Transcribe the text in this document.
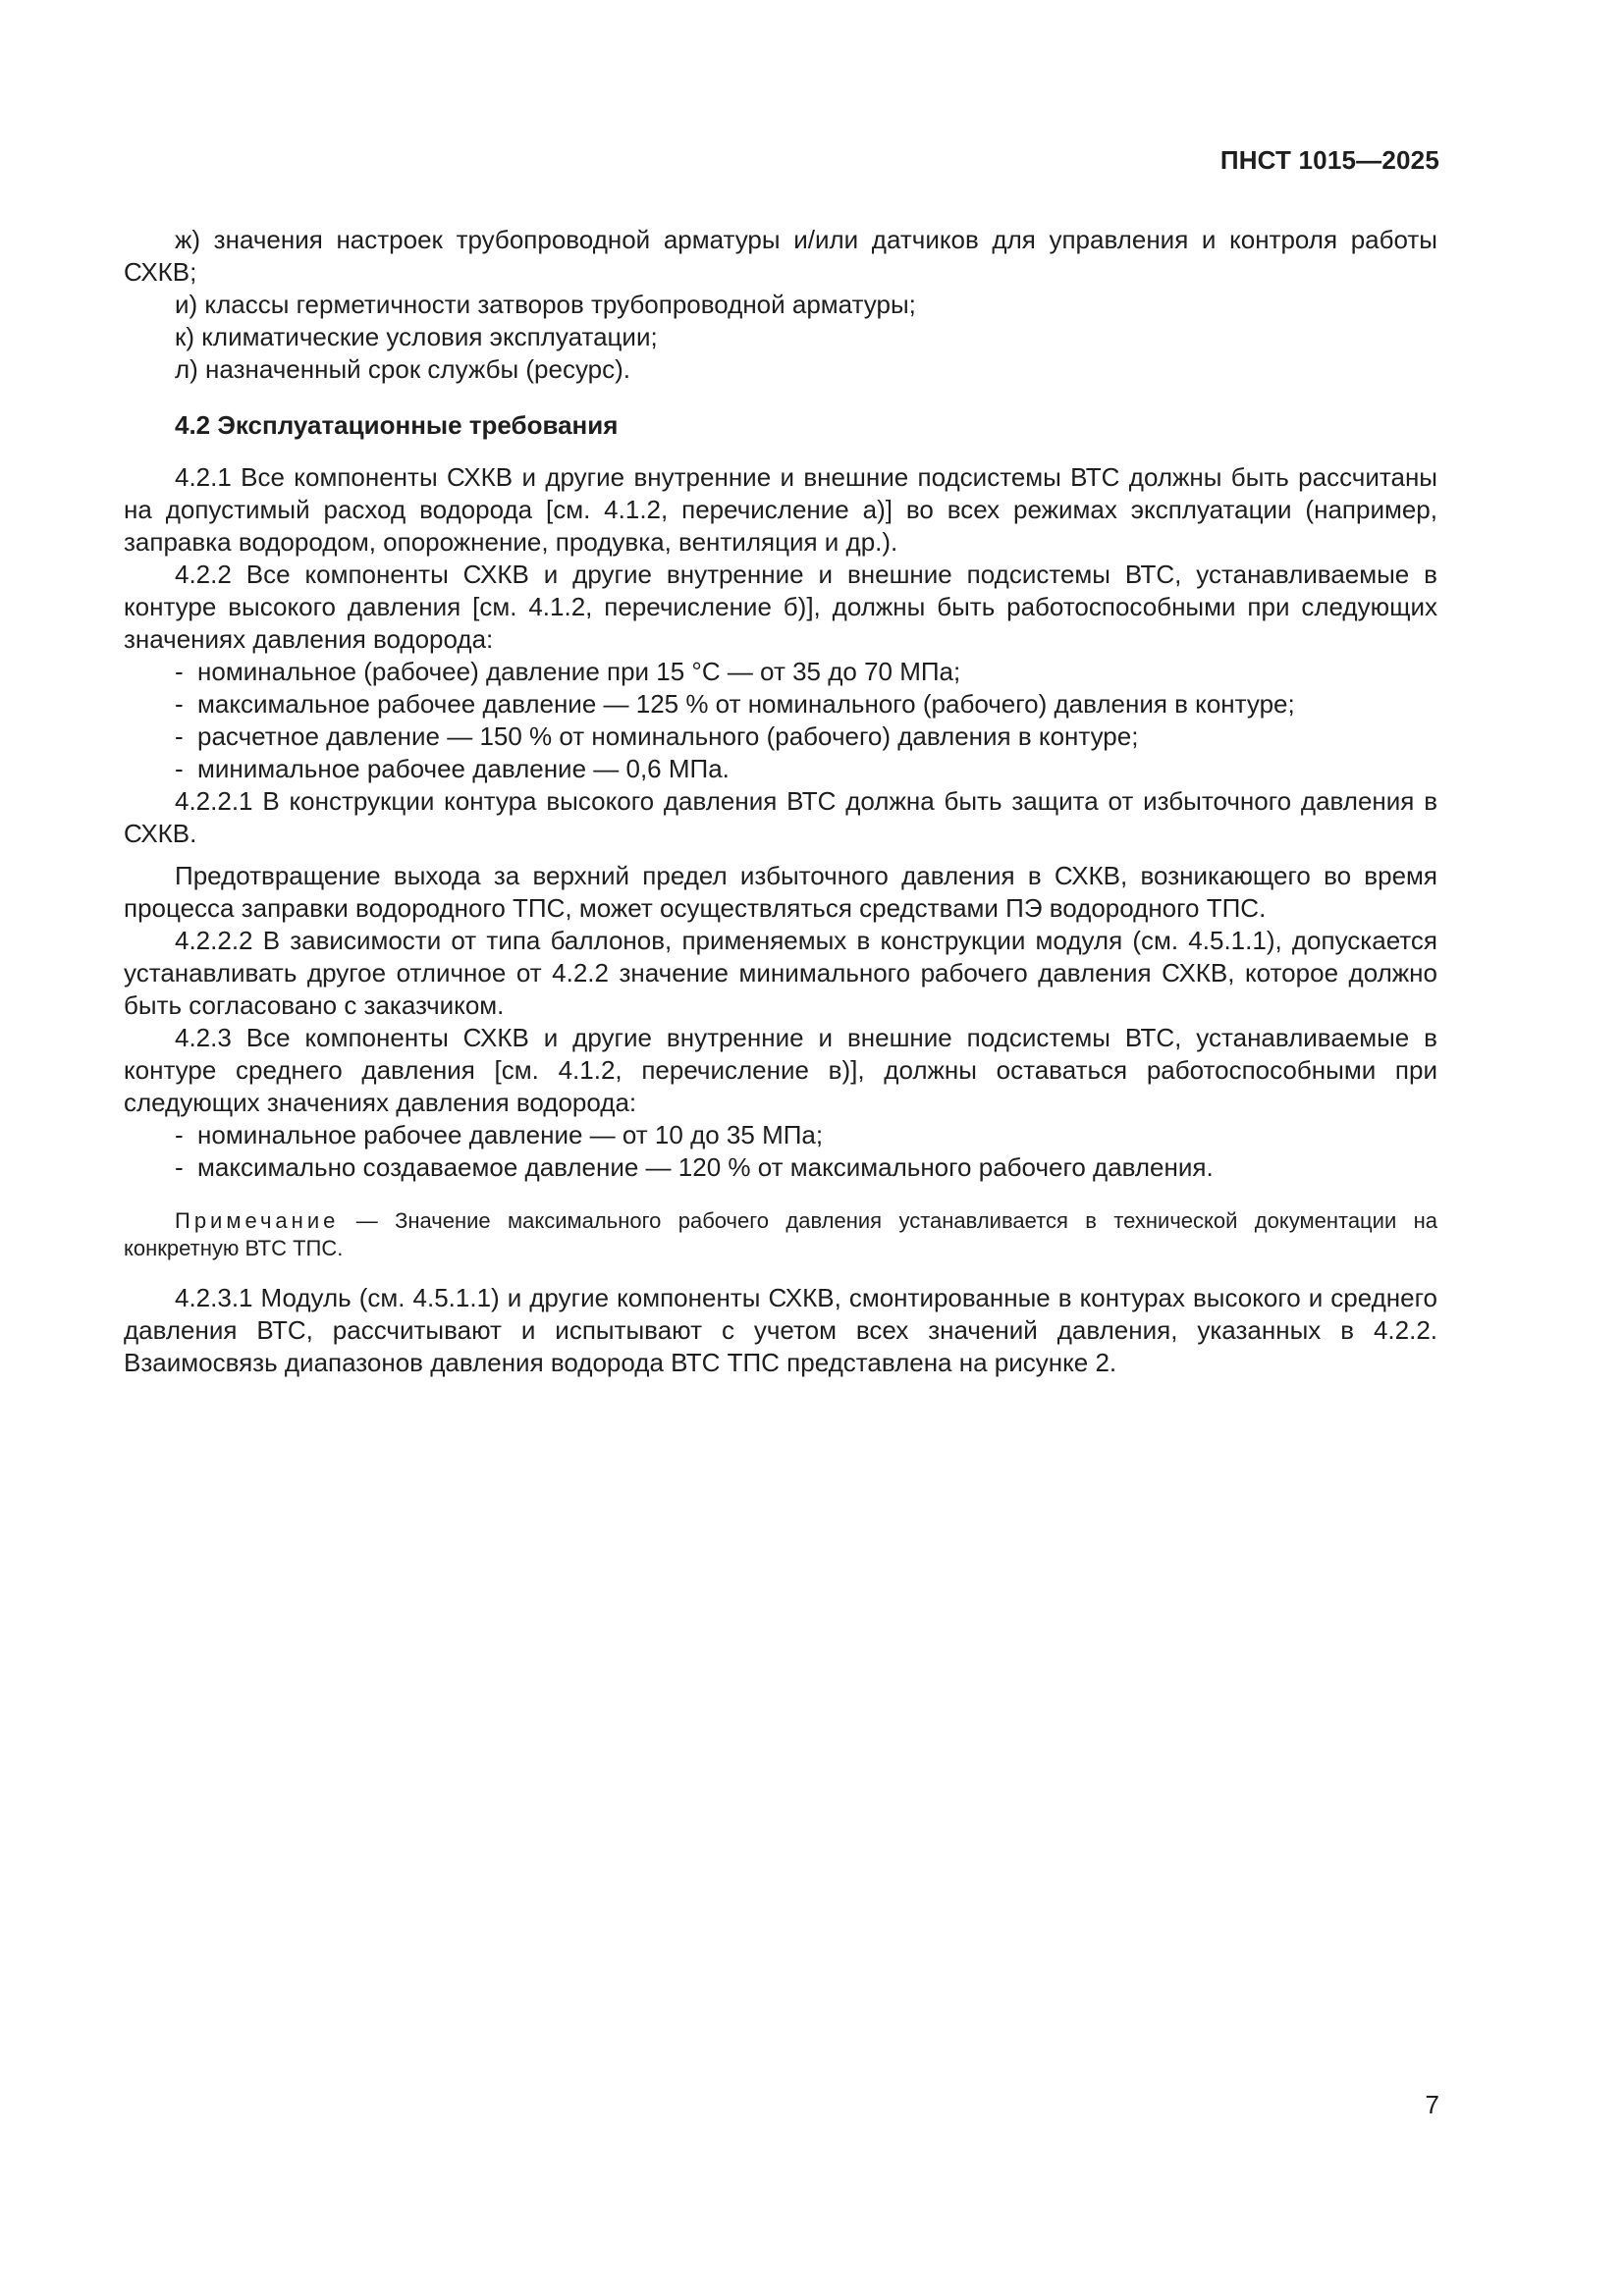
ПНСТ 1015—2025

ж) значения настроек трубопроводной арматуры и/или датчиков для управления и контроля работы СХКВ;

и) классы герметичности затворов трубопроводной арматуры;

к) климатические условия эксплуатации;

л) назначенный срок службы (ресурс).

4.2 Эксплуатационные требования

4.2.1 Все компоненты СХКВ и другие внутренние и внешние подсистемы ВТС должны быть рассчитаны на допустимый расход водорода [см. 4.1.2, перечисление а)] во всех режимах эксплуатации (например, заправка водородом, опорожнение, продувка, вентиляция и др.).

4.2.2 Все компоненты СХКВ и другие внутренние и внешние подсистемы ВТС, устанавливаемые в контуре высокого давления [см. 4.1.2, перечисление б)], должны быть работоспособными при следующих значениях давления водорода:

- номинальное (рабочее) давление при 15 °С — от 35 до 70 МПа;
- максимальное рабочее давление — 125 % от номинального (рабочего) давления в контуре;
- расчетное давление — 150 % от номинального (рабочего) давления в контуре;
- минимальное рабочее давление — 0,6 МПа.

4.2.2.1 В конструкции контура высокого давления ВТС должна быть защита от избыточного давления в СХКВ.

Предотвращение выхода за верхний предел избыточного давления в СХКВ, возникающего во время процесса заправки водородного ТПС, может осуществляться средствами ПЭ водородного ТПС.

4.2.2.2 В зависимости от типа баллонов, применяемых в конструкции модуля (см. 4.5.1.1), допускается устанавливать другое отличное от 4.2.2 значение минимального рабочего давления СХКВ, которое должно быть согласовано с заказчиком.

4.2.3 Все компоненты СХКВ и другие внутренние и внешние подсистемы ВТС, устанавливаемые в контуре среднего давления [см. 4.1.2, перечисление в)], должны оставаться работоспособными при следующих значениях давления водорода:

- номинальное рабочее давление — от 10 до 35 МПа;
- максимально создаваемое давление — 120 % от максимального рабочего давления.

Примечание — Значение максимального рабочего давления устанавливается в технической документации на конкретную ВТС ТПС.

4.2.3.1 Модуль (см. 4.5.1.1) и другие компоненты СХКВ, смонтированные в контурах высокого и среднего давления ВТС, рассчитывают и испытывают с учетом всех значений давления, указанных в 4.2.2. Взаимосвязь диапазонов давления водорода ВТС ТПС представлена на рисунке 2.

7
